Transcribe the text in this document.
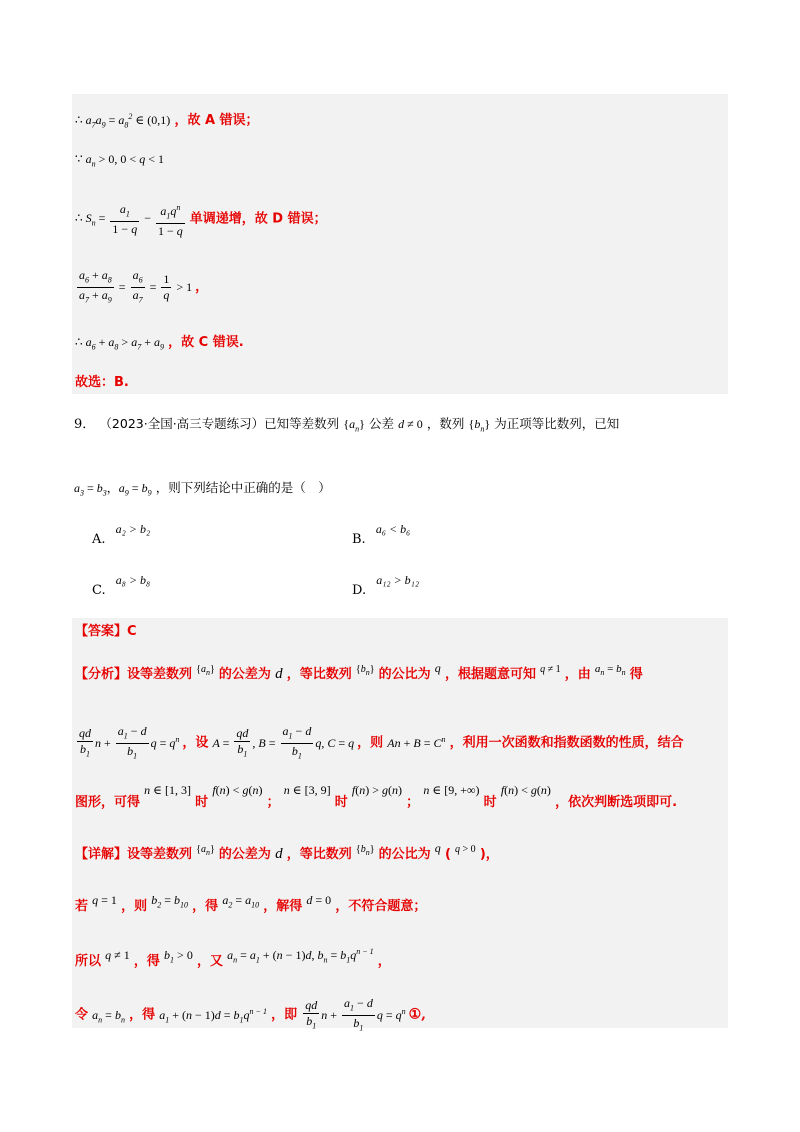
∴ $a_7a_9 = a_8^2$ ∈ (0,1) ，故 A 错误；
∵ $a_n > 0$, 0 < q < 1
∴ $S_n = \frac{a_1}{1 - q} - \frac{a_1q^n}{1 - q}$ 单调递增，故 D 错误；
$\frac{a_6 + a_8}{a_7 + a_9} = \frac{a_6}{a_7} = \frac{1}{q} > 1$ ，
∴ $a_6 + a_8 > a_7 + a_9$ ，故 C 错误.
故选：B.
9． （2023·全国·高三专题练习）已知等差数列 $\{a_n\}$ 公差 d ≠ 0 ，数列 $\{b_n\}$ 为正项等比数列，已知
$a_3 = b_3$，$a_9 = b_9$ ，则下列结论中正确的是（　）
A. a₂ > b₂
B. a₆ < b₆
C. a₈ > b₈
D. a₁₂ > b₁₂
【答案】C
【分析】设等差数列 $^{\{a_n\}}$ 的公差为 d ，等比数列 $^{\{b_n\}}$ 的公比为 q ，根据题意可知 $^{q \ne 1}$ ，由 $^{a_n = b_n}$ 得
$\frac{qd}{b_1}$ $n + \frac{a_1 - d}{b_1}$ $q = q^n$ ，设 $A = \frac{qd}{b_1}$ , $B = \frac{a_1 - d}{b_1} q$, C = q ，则 $An + B = C^n$ ，利用一次函数和指数函数的性质，结合
图形，可得 n ∈ [1, 3] 时 f(n) < g(n) ； n ∈ [3, 9] 时 f(n) > g(n) ； n ∈ [9, +∞) 时 f(n) < g(n) ，依次判断选项即可.
【详解】设等差数列 $^{\{a_n\}}$ 的公差为 d ，等比数列 $^{\{b_n\}}$ 的公比为 q ( $^{q > 0}$ )，
若 q = 1 ，则 $b_2 = b_{10}$ ，得 $a_2 = a_{10}$ ，解得 d = 0 ，不符合题意；
所以 q ≠ 1 ，得 $b_1 > 0$ ，又 $a_n = a_1 + (n - 1)d$, $b_n = b_1q^{n - 1}$ ，
令 $a_n = b_n$ ，得 $a_1 + (n - 1)d = b_1q^{n - 1}$ ，即 $\frac{qd}{b_1}$ $n + \frac{a_1 - d}{b_1}$ $q = q^n$ ①,
